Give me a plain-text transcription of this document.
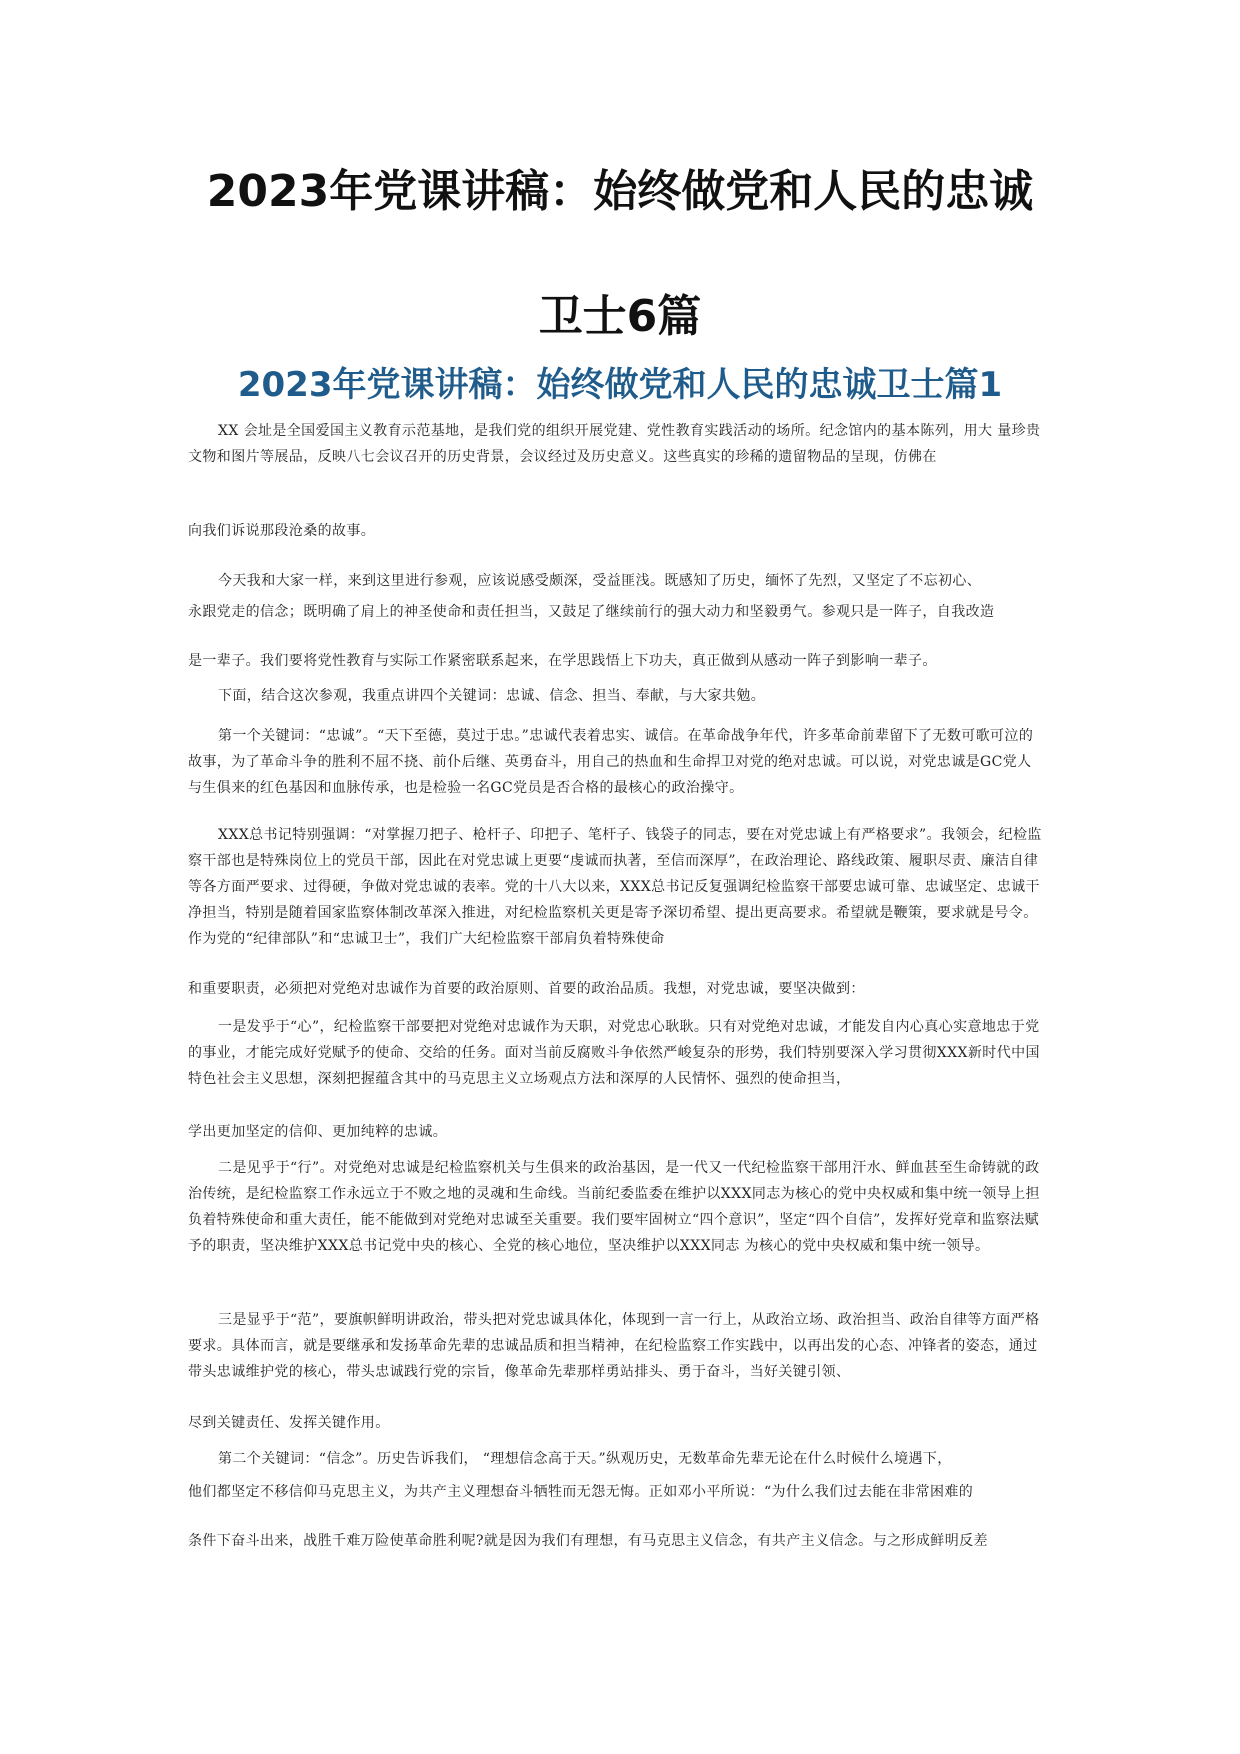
2023年党课讲稿：始终做党和人民的忠诚
卫士6篇
2023年党课讲稿：始终做党和人民的忠诚卫士篇1

XX 会址是全国爱国主义教育示范基地，是我们党的组织开展党建、党性教育实践活动的场所。纪念馆内的基本陈列，用大 量珍贵文物和图片等展品，反映八七会议召开的历史背景，会议经过及历史意义。这些真实的珍稀的遗留物品的呈现，仿佛在

向我们诉说那段沧桑的故事。

今天我和大家一样，来到这里进行参观，应该说感受颇深，受益匪浅。既感知了历史，缅怀了先烈，又坚定了不忘初心、

永跟党走的信念；既明确了肩上的神圣使命和责任担当，又鼓足了继续前行的强大动力和坚毅勇气。参观只是一阵子，自我改造

是一辈子。我们要将党性教育与实际工作紧密联系起来，在学思践悟上下功夫，真正做到从感动一阵子到影响一辈子。

下面，结合这次参观，我重点讲四个关键词：忠诚、信念、担当、奉献，与大家共勉。

第一个关键词：“忠诚”。“天下至德，莫过于忠。”忠诚代表着忠实、诚信。在革命战争年代，许多革命前辈留下了无数可歌可泣的故事，为了革命斗争的胜利不屈不挠、前仆后继、英勇奋斗，用自己的热血和生命捍卫对党的绝对忠诚。可以说，对党忠诚是GC党人与生俱来的红色基因和血脉传承，也是检验一名GC党员是否合格的最核心的政治操守。

XXX总书记特别强调：“对掌握刀把子、枪杆子、印把子、笔杆子、钱袋子的同志，要在对党忠诚上有严格要求”。我领会，纪检监察干部也是特殊岗位上的党员干部，因此在对党忠诚上更要“虔诚而执著，至信而深厚”，在政治理论、路线政策、履职尽责、廉洁自律等各方面严要求、过得硬，争做对党忠诚的表率。党的十八大以来，XXX总书记反复强调纪检监察干部要忠诚可靠、忠诚坚定、忠诚干净担当，特别是随着国家监察体制改革深入推进，对纪检监察机关更是寄予深切希望、提出更高要求。希望就是鞭策，要求就是号令。作为党的“纪律部队”和“忠诚卫士”，我们广大纪检监察干部肩负着特殊使命

和重要职责，必须把对党绝对忠诚作为首要的政治原则、首要的政治品质。我想，对党忠诚，要坚决做到：

一是发乎于“心”，纪检监察干部要把对党绝对忠诚作为天职，对党忠心耿耿。只有对党绝对忠诚，才能发自内心真心实意地忠于党的事业，才能完成好党赋予的使命、交给的任务。面对当前反腐败斗争依然严峻复杂的形势，我们特别要深入学习贯彻XXX新时代中国特色社会主义思想，深刻把握蕴含其中的马克思主义立场观点方法和深厚的人民情怀、强烈的使命担当，

学出更加坚定的信仰、更加纯粹的忠诚。

二是见乎于“行”。对党绝对忠诚是纪检监察机关与生俱来的政治基因，是一代又一代纪检监察干部用汗水、鲜血甚至生命铸就的政治传统，是纪检监察工作永远立于不败之地的灵魂和生命线。当前纪委监委在维护以XXX同志为核心的党中央权威和集中统一领导上担负着特殊使命和重大责任，能不能做到对党绝对忠诚至关重要。我们要牢固树立“四个意识”，坚定“四个自信”，发挥好党章和监察法赋予的职责，坚决维护XXX总书记党中央的核心、全党的核心地位，坚决维护以XXX同志 为核心的党中央权威和集中统一领导。

三是显乎于“范”，要旗帜鲜明讲政治，带头把对党忠诚具体化，体现到一言一行上，从政治立场、政治担当、政治自律等方面严格要求。具体而言，就是要继承和发扬革命先辈的忠诚品质和担当精神，在纪检监察工作实践中，以再出发的心态、冲锋者的姿态，通过带头忠诚维护党的核心，带头忠诚践行党的宗旨，像革命先辈那样勇站排头、勇于奋斗，当好关键引领、

尽到关键责任、发挥关键作用。

第二个关键词：“信念”。历史告诉我们， “理想信念高于天。”纵观历史，无数革命先辈无论在什么时候什么境遇下，

他们都坚定不移信仰马克思主义，为共产主义理想奋斗牺牲而无怨无悔。正如邓小平所说：“为什么我们过去能在非常困难的

条件下奋斗出来，战胜千难万险使革命胜利呢?就是因为我们有理想，有马克思主义信念，有共产主义信念。与之形成鲜明反差
